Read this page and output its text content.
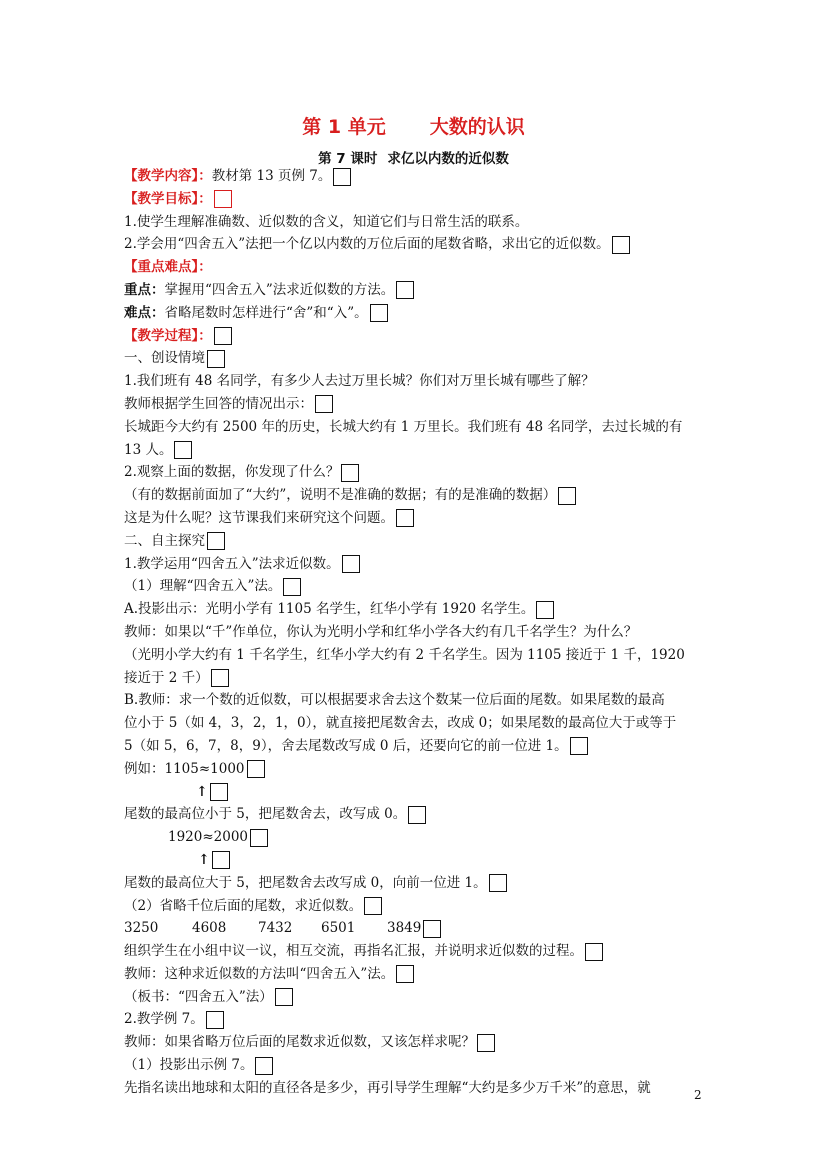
第 1 单元 大数的认识
第 7 课时 求亿以内数的近似数
【教学内容】：教材第 13 页例 7。
【教学目标】：
1.使学生理解准确数、近似数的含义，知道它们与日常生活的联系。
2.学会用“四舍五入”法把一个亿以内数的万位后面的尾数省略，求出它的近似数。
【重点难点】：
重点：掌握用“四舍五入”法求近似数的方法。
难点：省略尾数时怎样进行“舍”和“入”。
【教学过程】：
一、创设情境
1.我们班有 48 名同学，有多少人去过万里长城？你们对万里长城有哪些了解？
教师根据学生回答的情况出示：
长城距今大约有 2500 年的历史，长城大约有 1 万里长。我们班有 48 名同学，去过长城的有
13 人。
2.观察上面的数据，你发现了什么？
（有的数据前面加了“大约”，说明不是准确的数据；有的是准确的数据）
这是为什么呢？这节课我们来研究这个问题。
二、自主探究
1.教学运用“四舍五入”法求近似数。
（1）理解“四舍五入”法。
A.投影出示：光明小学有 1105 名学生，红华小学有 1920 名学生。
教师：如果以“千”作单位，你认为光明小学和红华小学各大约有几千名学生？为什么？
（光明小学大约有 1 千名学生，红华小学大约有 2 千名学生。因为 1105 接近于 1 千，1920
接近于 2 千）
B.教师：求一个数的近似数，可以根据要求舍去这个数某一位后面的尾数。如果尾数的最高
位小于 5（如 4，3，2，1，0），就直接把尾数舍去，改成 0；如果尾数的最高位大于或等于
5（如 5，6，7，8，9），舍去尾数改写成 0 后，还要向它的前一位进 1。
例如：1105≈1000
↑
尾数的最高位小于 5，把尾数舍去，改写成 0。
1920≈2000
↑
尾数的最高位大于 5，把尾数舍去改写成 0，向前一位进 1。
（2）省略千位后面的尾数，求近似数。
3250 4608 7432 6501 3849
组织学生在小组中议一议，相互交流，再指名汇报，并说明求近似数的过程。
教师：这种求近似数的方法叫“四舍五入”法。
（板书：“四舍五入”法）
2.教学例 7。
教师：如果省略万位后面的尾数求近似数，又该怎样求呢？
（1）投影出示例 7。
先指名读出地球和太阳的直径各是多少，再引导学生理解“大约是多少万千米”的意思，就	2
